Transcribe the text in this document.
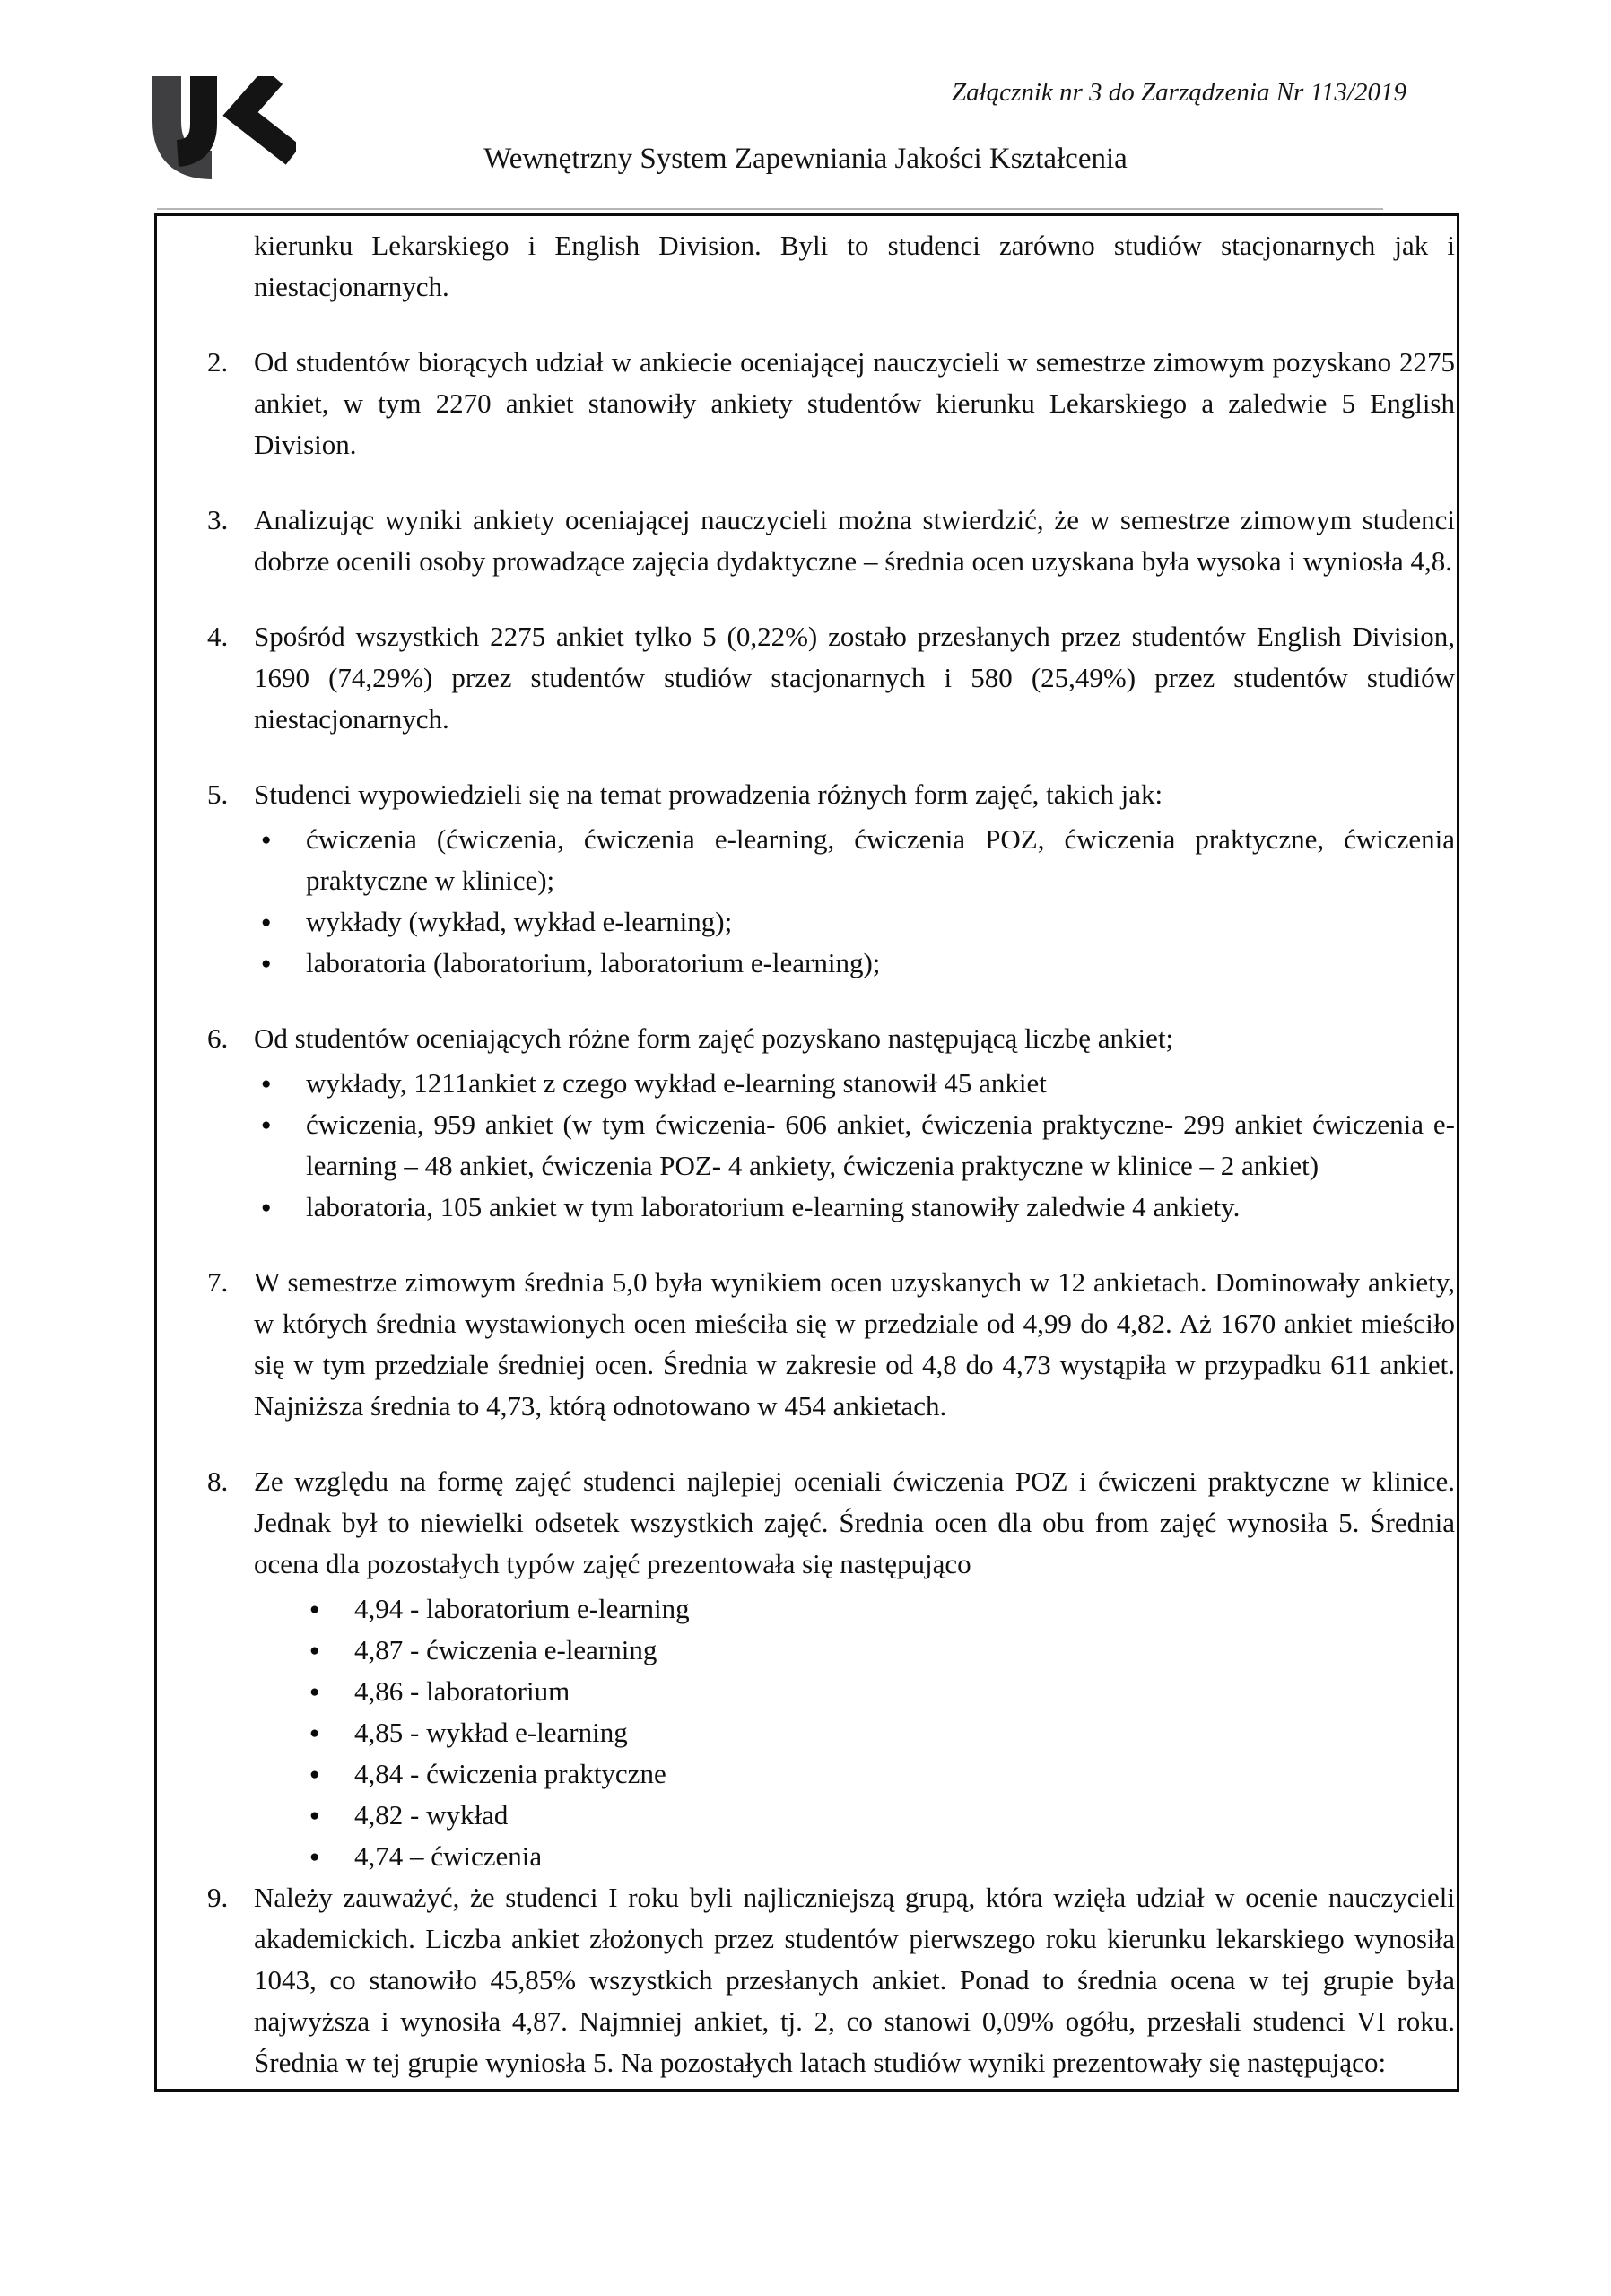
Załącznik nr 3 do Zarządzenia Nr 113/2019
Wewnętrzny System Zapewniania Jakości Kształcenia

kierunku Lekarskiego i English Division. Byli to studenci zarówno studiów stacjonarnych jak i niestacjonarnych.

2. Od studentów biorących udział w ankiecie oceniającej nauczycieli w semestrze zimowym pozyskano 2275 ankiet, w tym 2270 ankiet stanowiły ankiety studentów kierunku Lekarskiego a zaledwie 5 English Division.
3. Analizując wyniki ankiety oceniającej nauczycieli można stwierdzić, że w semestrze zimowym studenci dobrze ocenili osoby prowadzące zajęcia dydaktyczne – średnia ocen uzyskana była wysoka i wyniosła 4,8.
4. Spośród wszystkich 2275 ankiet tylko 5 (0,22%) zostało przesłanych przez studentów English Division, 1690 (74,29%) przez studentów studiów stacjonarnych i 580 (25,49%) przez studentów studiów niestacjonarnych.
5. Studenci wypowiedzieli się na temat prowadzenia różnych form zajęć, takich jak:
● ćwiczenia (ćwiczenia, ćwiczenia e-learning, ćwiczenia POZ, ćwiczenia praktyczne, ćwiczenia praktyczne w klinice);
● wykłady (wykład, wykład e-learning);
● laboratoria (laboratorium, laboratorium e-learning);
6. Od studentów oceniających różne form zajęć pozyskano następującą liczbę ankiet;
● wykłady, 1211ankiet z czego wykład e-learning stanowił 45 ankiet
● ćwiczenia, 959 ankiet (w tym ćwiczenia- 606 ankiet, ćwiczenia praktyczne- 299 ankiet ćwiczenia e-learning – 48 ankiet, ćwiczenia POZ- 4 ankiety, ćwiczenia praktyczne w klinice – 2 ankiet)
● laboratoria, 105 ankiet w tym laboratorium e-learning stanowiły zaledwie 4 ankiety.
7. W semestrze zimowym średnia 5,0 była wynikiem ocen uzyskanych w 12 ankietach. Dominowały ankiety, w których średnia wystawionych ocen mieściła się w przedziale od 4,99 do 4,82. Aż 1670 ankiet mieściło się w tym przedziale średniej ocen. Średnia w zakresie od 4,8 do 4,73 wystąpiła w przypadku 611 ankiet. Najniższa średnia to 4,73, którą odnotowano w 454 ankietach.
8. Ze względu na formę zajęć studenci najlepiej oceniali ćwiczenia POZ i ćwiczeni praktyczne w klinice. Jednak był to niewielki odsetek wszystkich zajęć. Średnia ocen dla obu from zajęć wynosiła 5. Średnia ocena dla pozostałych typów zajęć prezentowała się następująco
● 4,94 - laboratorium e-learning
● 4,87 - ćwiczenia e-learning
● 4,86 - laboratorium
● 4,85 - wykład e-learning
● 4,84 - ćwiczenia praktyczne
● 4,82 - wykład
● 4,74 – ćwiczenia
9. Należy zauważyć, że studenci I roku byli najliczniejszą grupą, która wzięła udział w ocenie nauczycieli akademickich. Liczba ankiet złożonych przez studentów pierwszego roku kierunku lekarskiego wynosiła 1043, co stanowiło 45,85% wszystkich przesłanych ankiet. Ponad to średnia ocena w tej grupie była najwyższa i wynosiła 4,87. Najmniej ankiet, tj. 2, co stanowi 0,09% ogółu, przesłali studenci VI roku. Średnia w tej grupie wyniosła 5. Na pozostałych latach studiów wyniki prezentowały się następująco:
